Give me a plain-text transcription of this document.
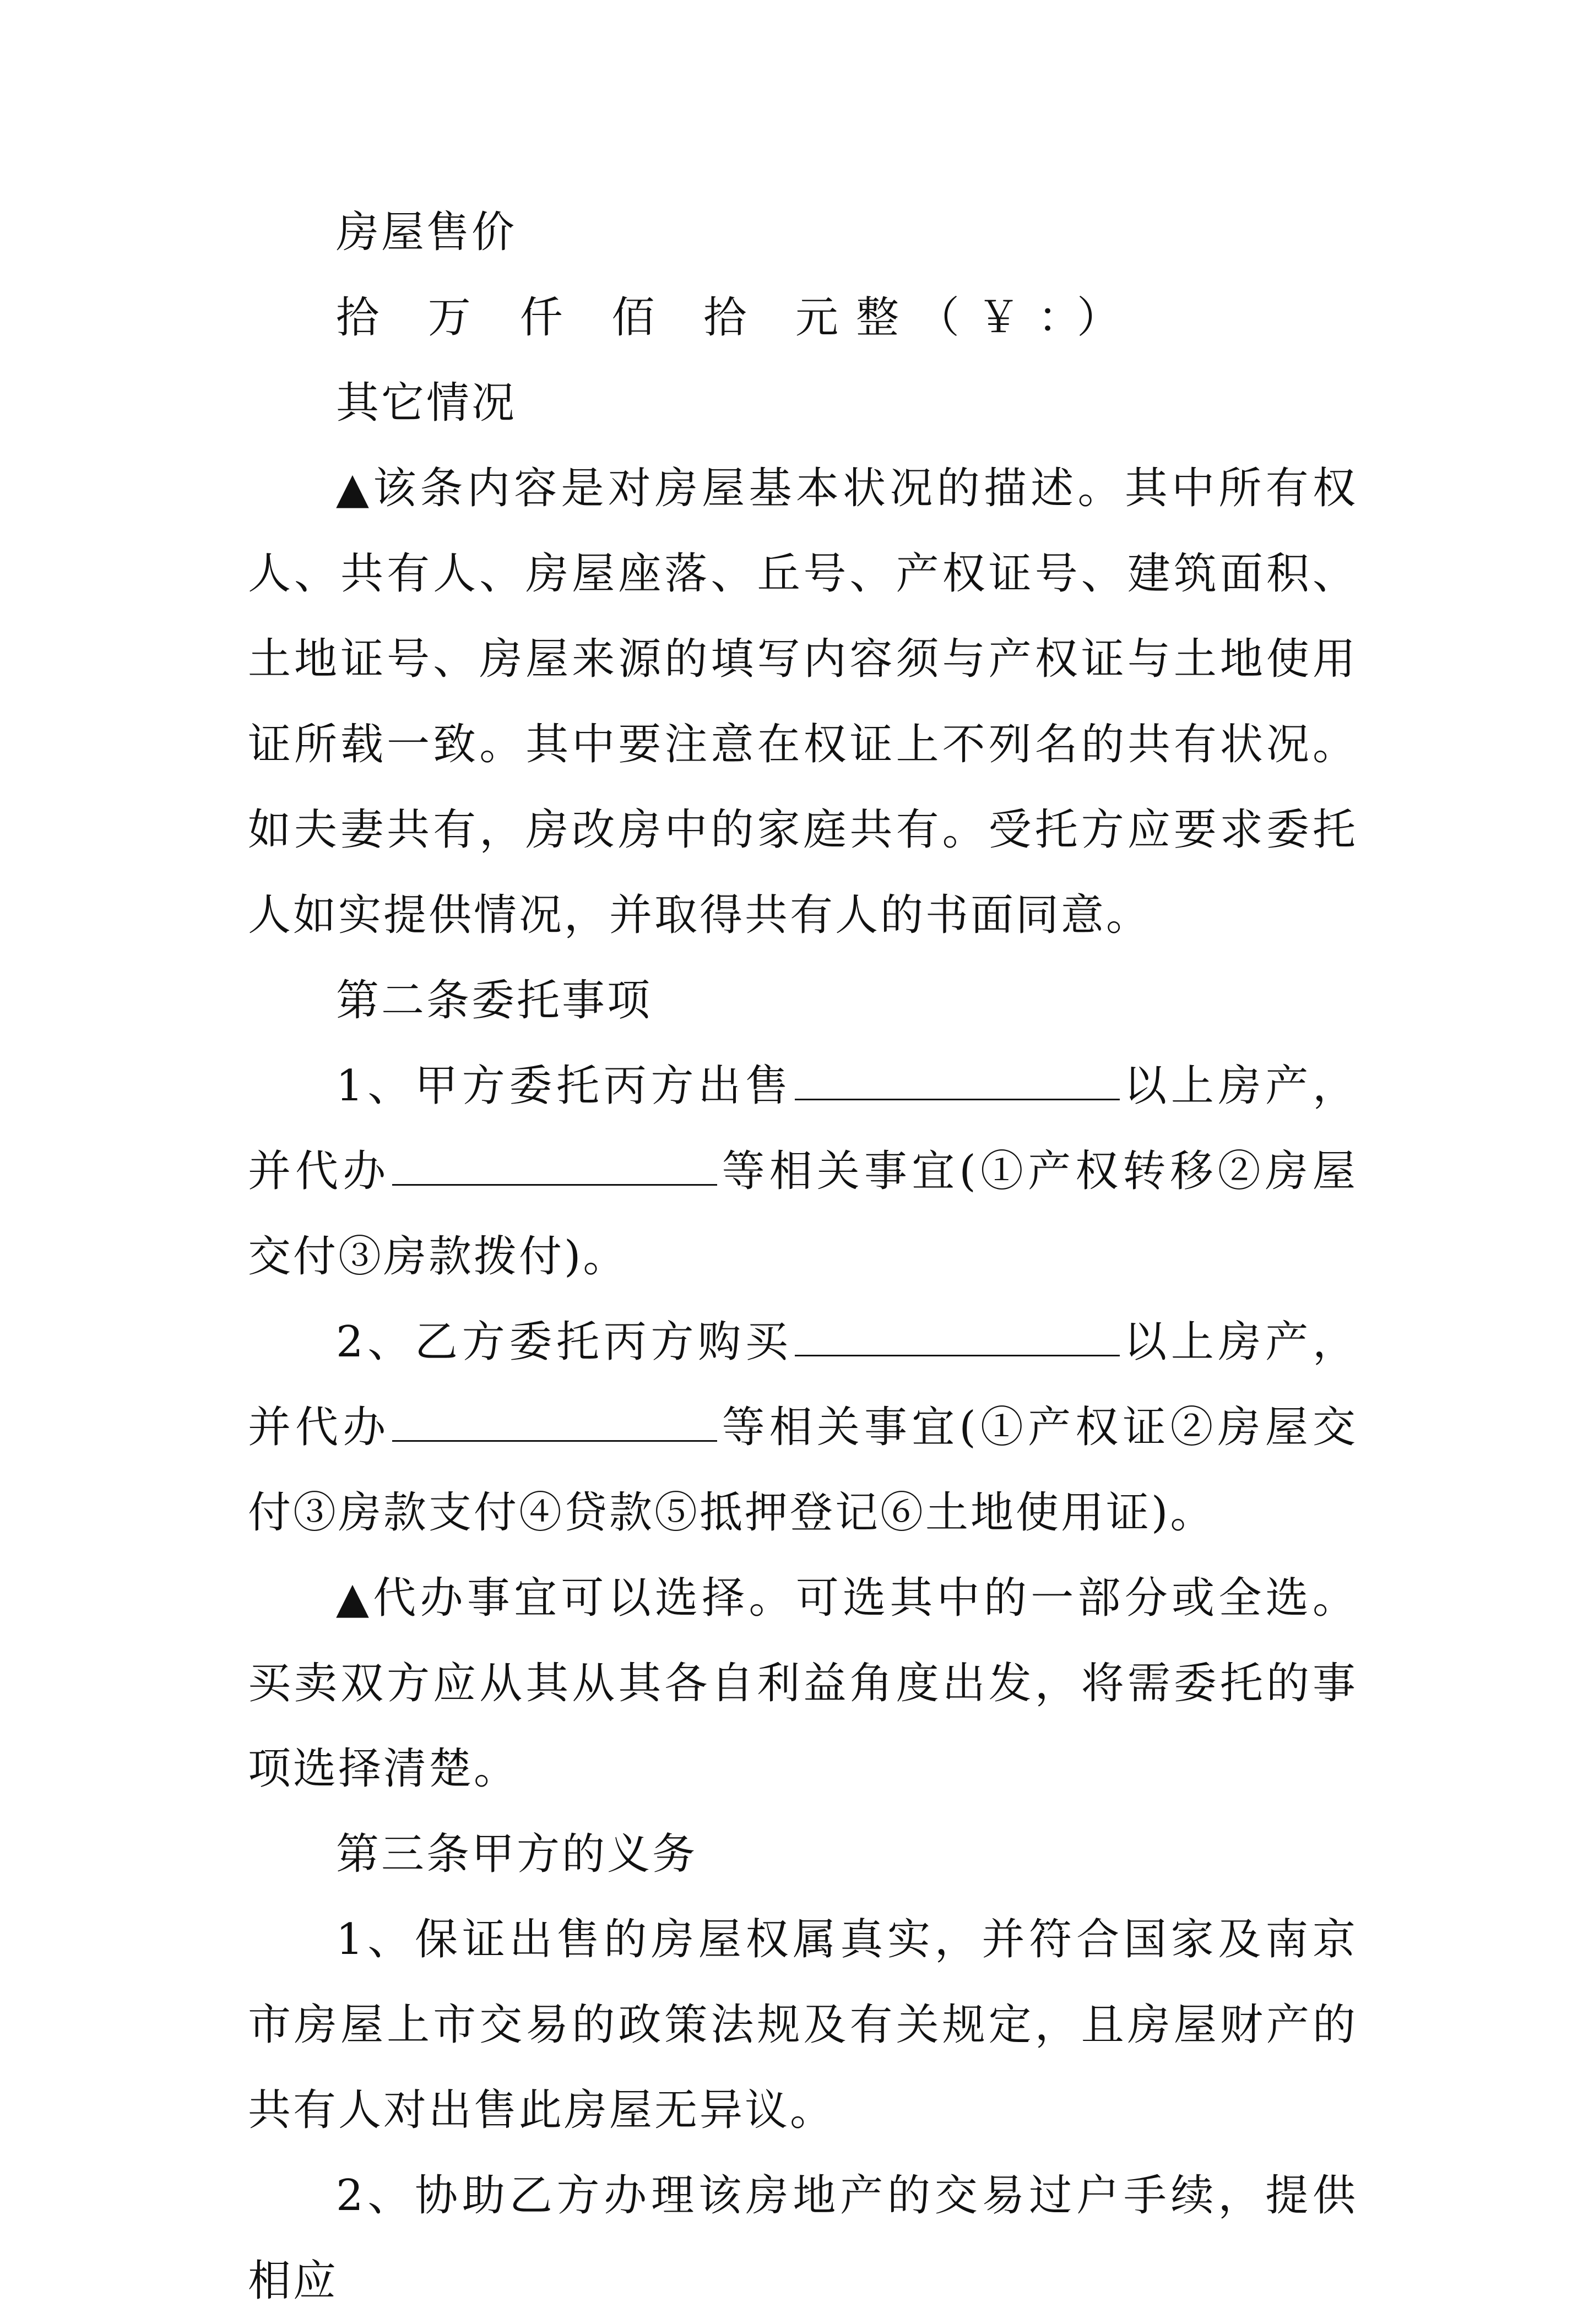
房屋售价

拾 万 仟 佰 拾 元整（￥：）

其它情况

▲该条内容是对房屋基本状况的描述。其中所有权人、共有人、房屋座落、丘号、产权证号、建筑面积、土地证号、房屋来源的填写内容须与产权证与土地使用证所载一致。其中要注意在权证上不列名的共有状况。如夫妻共有，房改房中的家庭共有。受托方应要求委托人如实提供情况，并取得共有人的书面同意。

第二条委托事项

1、甲方委托丙方出售	以上房产，并代办	等相关事宜(①产权转移②房屋交付③房款拨付)。

2、乙方委托丙方购买	以上房产，并代办	等相关事宜(①产权证②房屋交付③房款支付④贷款⑤抵押登记⑥土地使用证)。

▲代办事宜可以选择。可选其中的一部分或全选。买卖双方应从其从其各自利益角度出发，将需委托的事项选择清楚。

第三条甲方的义务

1、保证出售的房屋权属真实，并符合国家及南京市房屋上市交易的政策法规及有关规定，且房屋财产的共有人对出售此房屋无异议。

2、协助乙方办理该房地产的交易过户手续，提供相应
